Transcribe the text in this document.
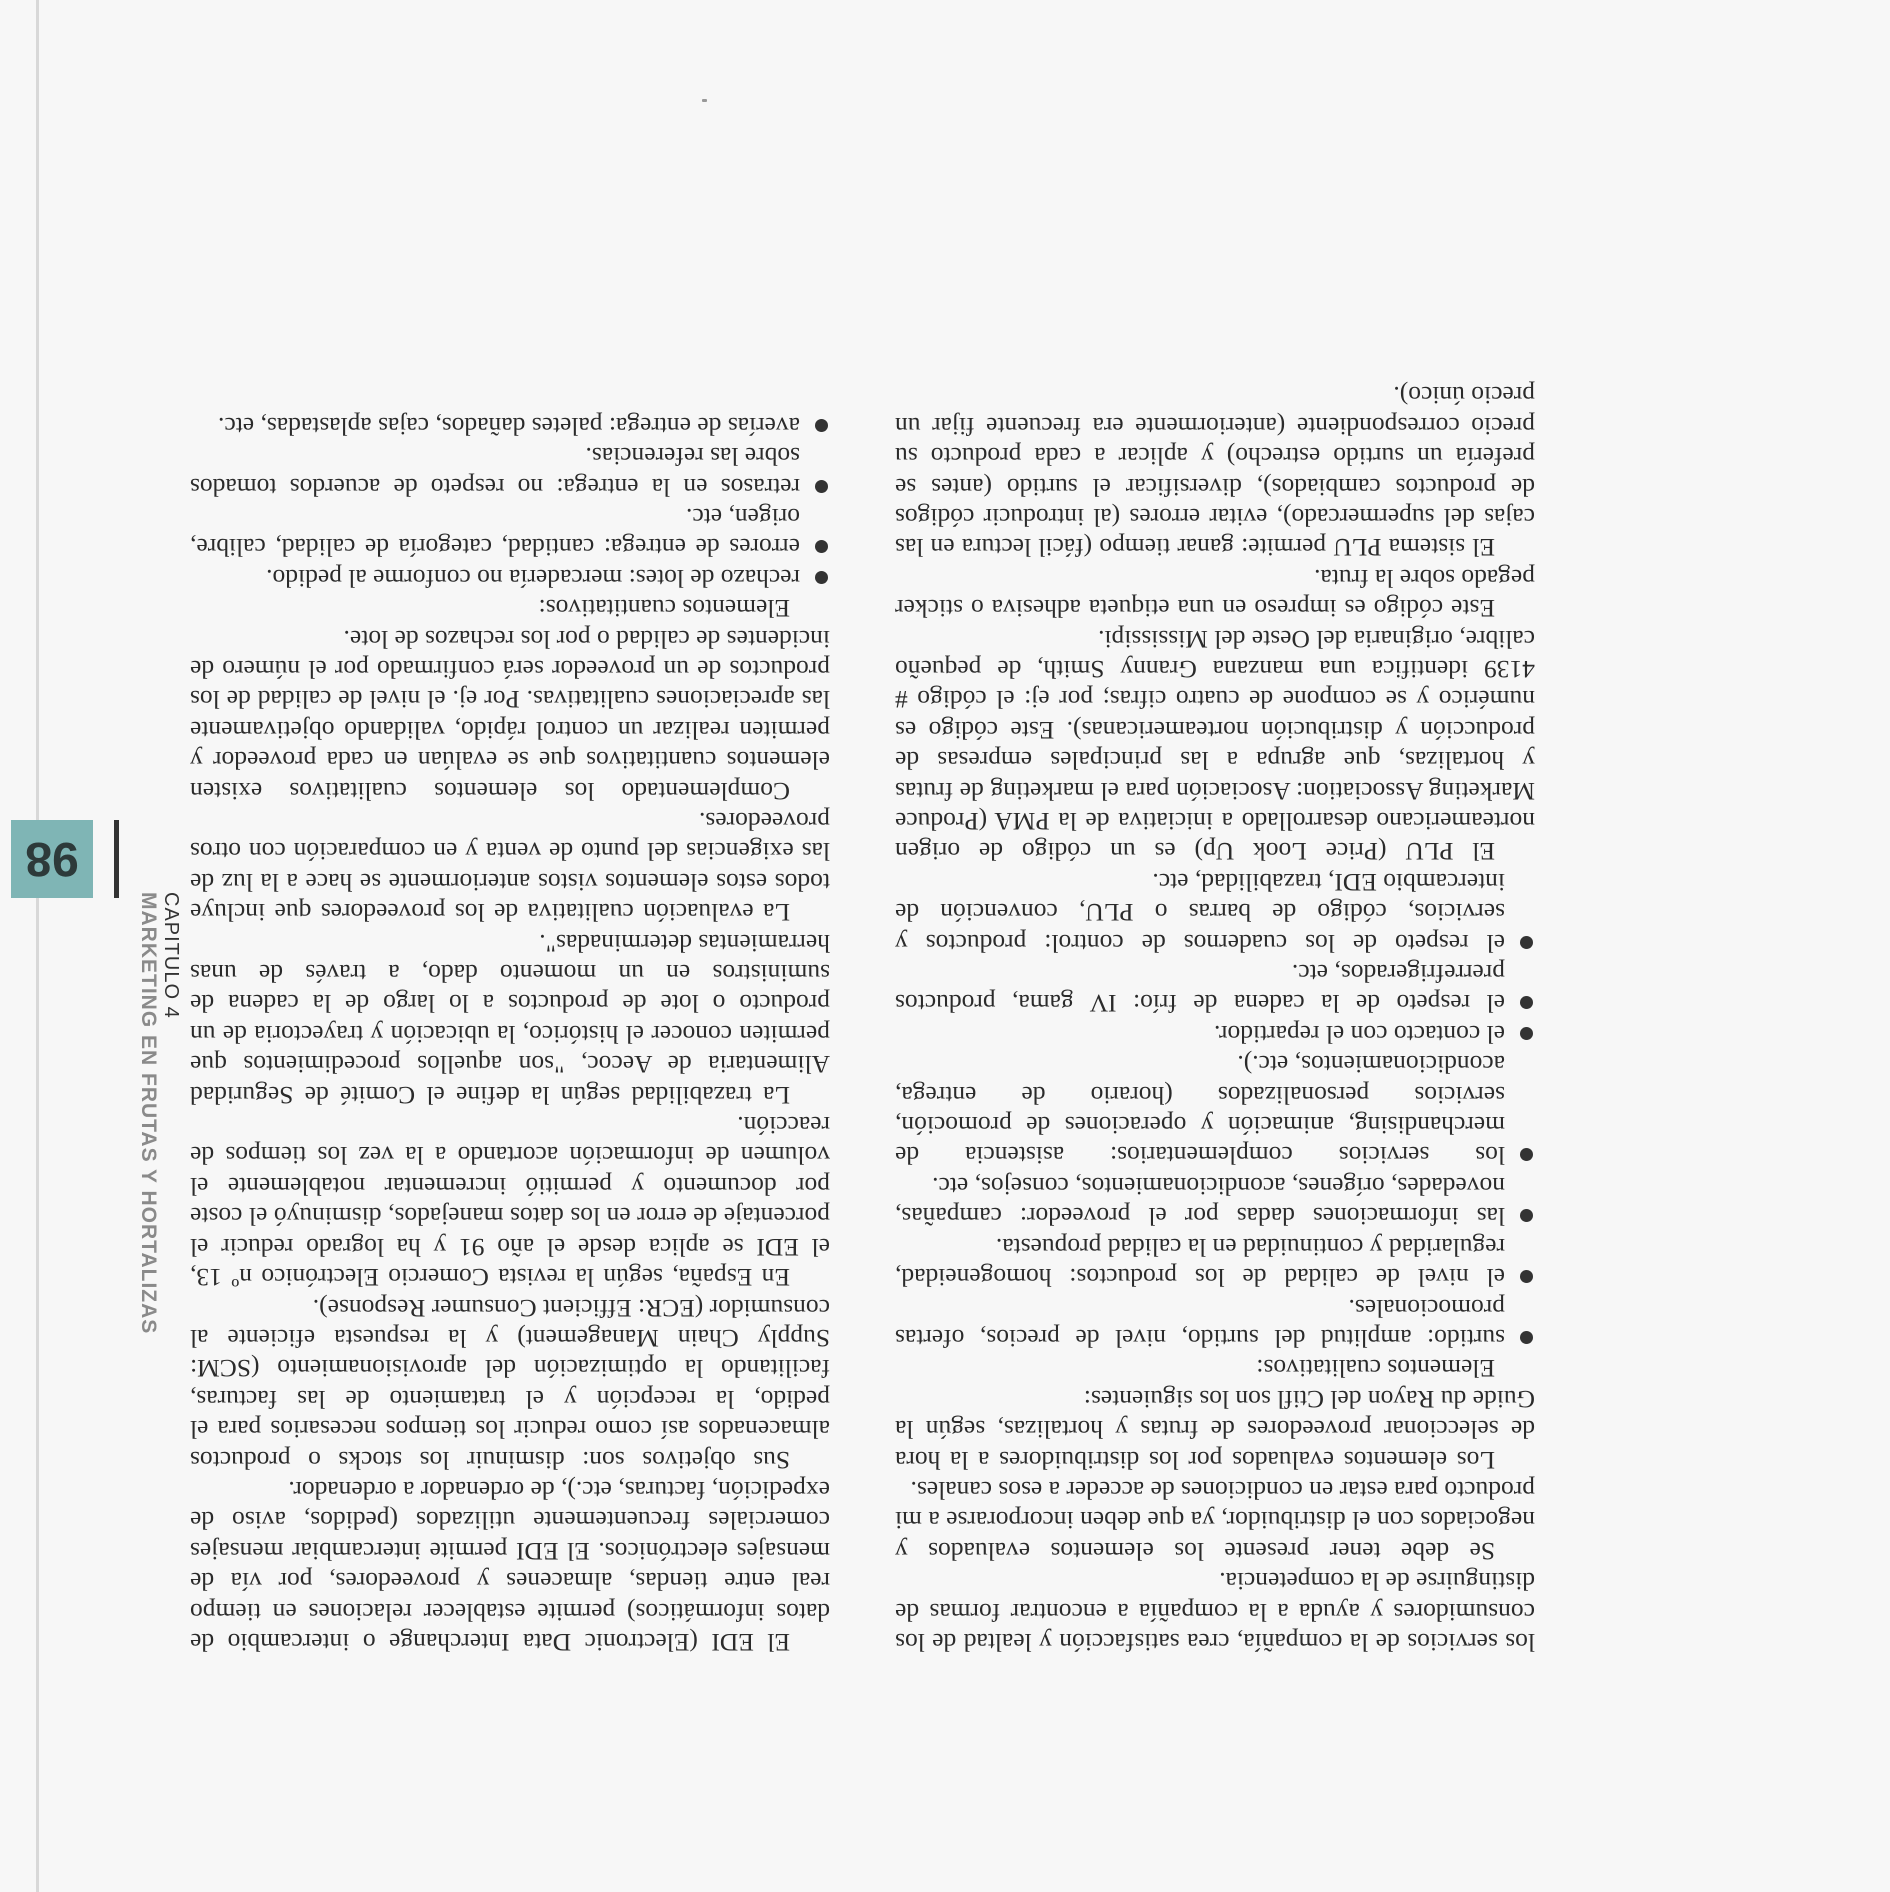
98
MARKETING EN FRUTAS Y HORTALIZAS CAPITULO 4

los servicios de la compañía, crea satisfacción y lealtad de los consumidores y ayuda a la compañía a encontrar formas de distinguirse de la competencia.

Se debe tener presente los elementos evaluados y negociados con el distribuidor, ya que deben incorporarse a mi producto para estar en condiciones de acceder a esos canales.

Los elementos evaluados por los distribuidores a la hora de seleccionar proveedores de frutas y hortalizas, según la Guide du Rayon del Ctifl son los siguientes:

Elementos cualitativos:

surtido: amplitud del surtido, nivel de precios, ofertas promocionales.
el nivel de calidad de los productos: homogeneidad, regularidad y continuidad en la calidad propuesta.
las informaciones dadas por el proveedor: campañas, novedades, orígenes, acondicionamientos, consejos, etc.
los servicios complementarios: asistencia de merchandising, animación y operaciones de promoción, servicios personalizados (horario de entrega, acondicionamientos, etc.).
el contacto con el repartidor.
el respeto de la cadena de frío: IV gama, productos prerrefrigerados, etc.
el respeto de los cuadernos de control: productos y servicios, código de barras o PLU, convención de intercambio EDI, trazabilidad, etc.

El PLU (Price Look Up) es un código de origen norteamericano desarrollado a iniciativa de la PMA (Produce Marketing Association: Asociación para el marketing de frutas y hortalizas, que agrupa a las principales empresas de producción y distribución norteamericanas). Este código es numérico y se compone de cuatro cifras; por ej: el código # 4139 identifica una manzana Granny Smith, de pequeño calibre, originaria del Oeste del Mississipi.

Este código es impreso en una etiqueta adhesiva o sticker pegado sobre la fruta.

El sistema PLU permite: ganar tiempo (fácil lectura en las cajas del supermercado), evitar errores (al introducir códigos de productos cambiados), diversificar el surtido (antes se prefería un surtido estrecho) y aplicar a cada producto su precio correspondiente (anteriormente era frecuente fijar un precio único).

El EDI (Electronic Data Interchange o intercambio de datos informáticos) permite establecer relaciones en tiempo real entre tiendas, almacenes y proveedores, por vía de mensajes electrónicos. El EDI permite intercambiar mensajes comerciales frecuentemente utilizados (pedidos, aviso de expedición, facturas, etc.), de ordenador a ordenador.

Sus objetivos son: disminuir los stocks o productos almacenados así como reducir los tiempos necesarios para el pedido, la recepción y el tratamiento de las facturas, facilitando la optimización del aprovisionamiento (SCM: Supply Chain Management) y la respuesta eficiente al consumidor (ECR: Efficient Consumer Response).

En España, según la revista Comercio Electrónico nº 13, el EDI se aplica desde el año 91 y ha logrado reducir el porcentaje de error en los datos manejados, disminuyó el coste por documento y permitió incrementar notablemente el volumen de información acortando a la vez los tiempos de reacción.

La trazabilidad según la define el Comité de Seguridad Alimentaria de Aecoc, "son aquellos procedimientos que permiten conocer el histórico, la ubicación y trayectoria de un producto o lote de productos a lo largo de la cadena de suministros en un momento dado, a través de unas herramientas determinadas".

La evaluación cualitativa de los proveedores que incluye todos estos elementos vistos anteriormente se hace a la luz de las exigencias del punto de venta y en comparación con otros proveedores.

Complementado los elementos cualitativos existen elementos cuantitativos que se evalúan en cada proveedor y permiten realizar un control rápido, validando objetivamente las apreciaciones cualitativas. Por ej. el nivel de calidad de los productos de un proveedor será confirmado por el número de incidentes de calidad o por los rechazos de lote.

Elementos cuantitativos:

rechazo de lotes: mercadería no conforme al pedido.
errores de entrega: cantidad, categoría de calidad, calibre, origen, etc.
retrasos en la entrega: no respeto de acuerdos tomados sobre las referencias.
averías de entrega: paletes dañados, cajas aplastadas, etc.
